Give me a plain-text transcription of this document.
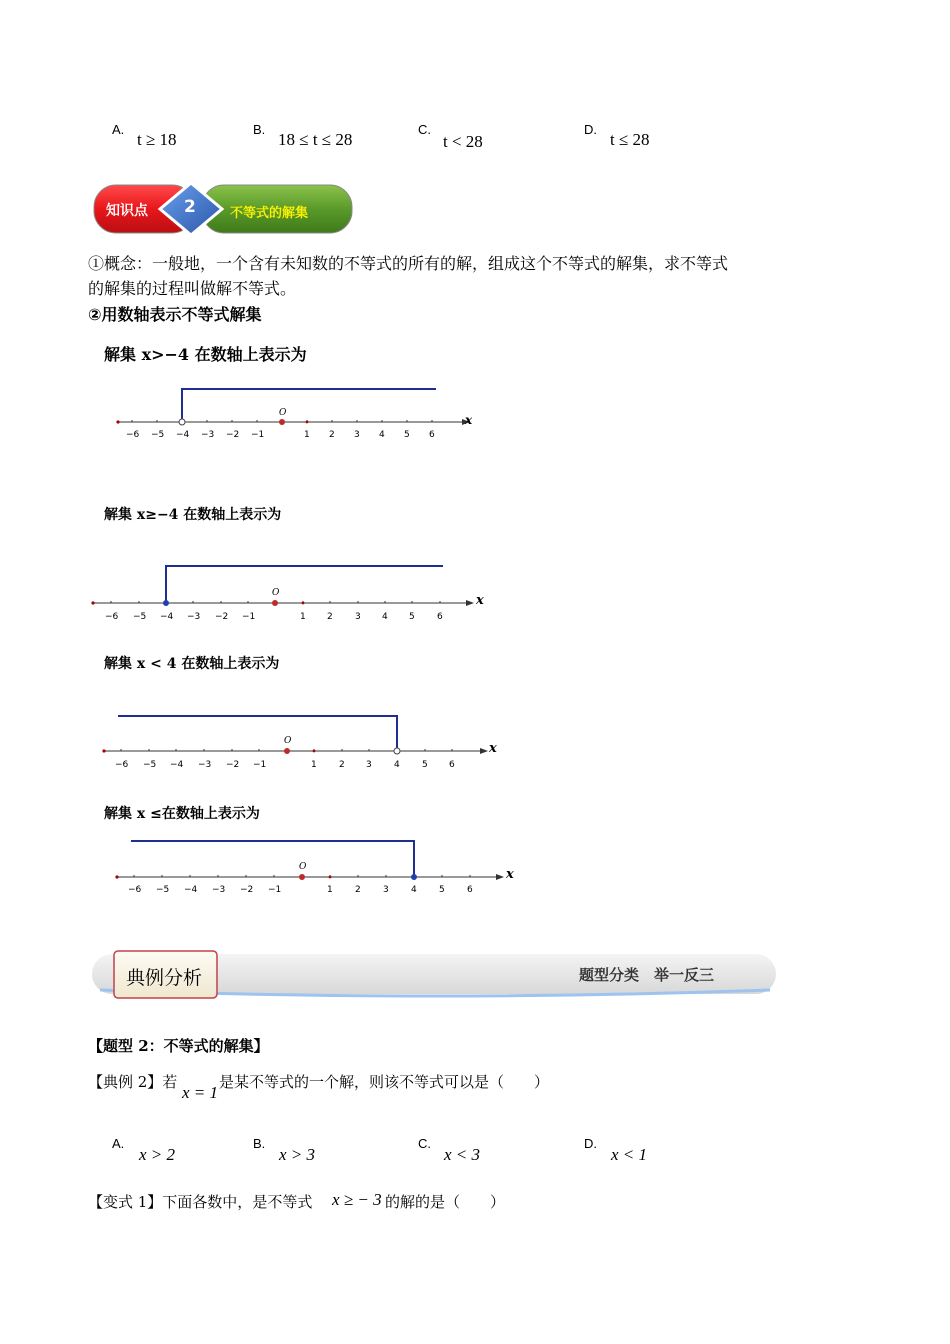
A.
t ≥ 18
B.
18 ≤ t ≤ 28
C.
t < 28
D.
t ≤ 28
知识点 2	不等式的解集
①概念：一般地，一个含有未知数的不等式的所有的解，组成这个不等式的解集，求不等式
的解集的过程叫做解不等式。
②用数轴表示不等式解集
解集 x>−4 在数轴上表示为
−6 −5 −4 −3 −2 −1	1 2 3 4 5 6
O	x
解集 x≥−4 在数轴上表示为
−6 −5 −4 −3 −2 −1	1 2 3 4 5 6
O	x
解集 x < 4 在数轴上表示为
−6 −5 −4 −3 −2 −1	1 2 3 4 5 6
O	x
解集 x ≤在数轴上表示为
−6 −5 −4 −3 −2 −1	1 2 3 4 5 6
O	x
典例分析	题型分类　举一反三
【题型 2：不等式的解集】
【典例 2】若
x = 1
是某不等式的一个解，则该不等式可以是（　　）
A.
x > 2
B.
x > 3
C.
x < 3
D.
x < 1
【变式 1】下面各数中，是不等式 x ≥ − 3 的解的是（　　）
